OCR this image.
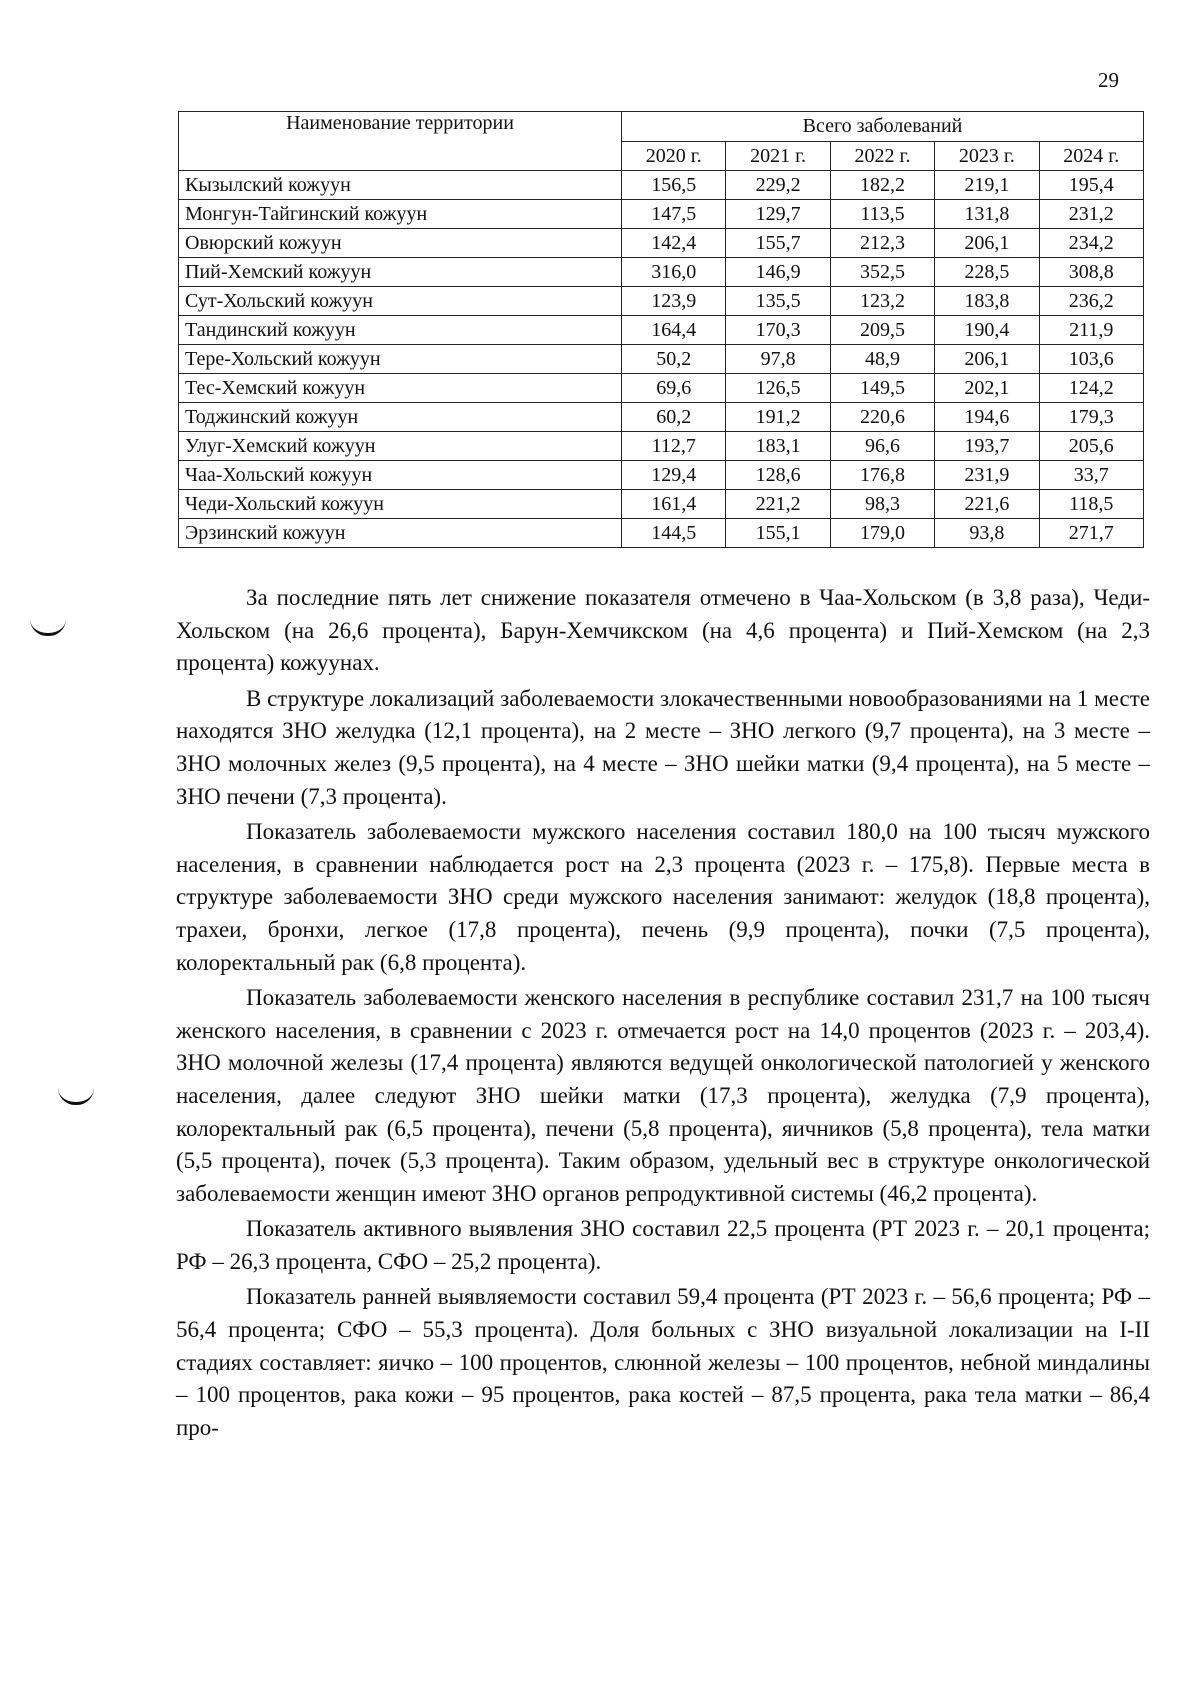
29
Наименование территории	Всего заболеваний				
	2020 г.	2021 г.	2022 г.	2023 г.	2024 г.
Кызылский кожуун	156,5	229,2	182,2	219,1	195,4
Монгун-Тайгинский кожуун	147,5	129,7	113,5	131,8	231,2
Овюрский кожуун	142,4	155,7	212,3	206,1	234,2
Пий-Хемский кожуун	316,0	146,9	352,5	228,5	308,8
Сут-Хольский кожуун	123,9	135,5	123,2	183,8	236,2
Тандинский кожуун	164,4	170,3	209,5	190,4	211,9
Тере-Хольский кожуун	50,2	97,8	48,9	206,1	103,6
Тес-Хемский кожуун	69,6	126,5	149,5	202,1	124,2
Тоджинский кожуун	60,2	191,2	220,6	194,6	179,3
Улуг-Хемский кожуун	112,7	183,1	96,6	193,7	205,6
Чаа-Хольский кожуун	129,4	128,6	176,8	231,9	33,7
Чеди-Хольский кожуун	161,4	221,2	98,3	221,6	118,5
Эрзинский кожуун	144,5	155,1	179,0	93,8	271,7

За последние пять лет снижение показателя отмечено в Чаа-Хольском (в 3,8 раза), Чеди-Хольском (на 26,6 процента), Барун-Хемчикском (на 4,6 процента) и Пий-Хемском (на 2,3 процента) кожуунах.

В структуре локализаций заболеваемости злокачественными новообразованиями на 1 месте находятся ЗНО желудка (12,1 процента), на 2 месте – ЗНО легкого (9,7 процента), на 3 месте – ЗНО молочных желез (9,5 процента), на 4 месте – ЗНО шейки матки (9,4 процента), на 5 месте – ЗНО печени (7,3 процента).

Показатель заболеваемости мужского населения составил 180,0 на 100 тысяч мужского населения, в сравнении наблюдается рост на 2,3 процента (2023 г. – 175,8). Первые места в структуре заболеваемости ЗНО среди мужского населения занимают: желудок (18,8 процента), трахеи, бронхи, легкое (17,8 процента), печень (9,9 процента), почки (7,5 процента), колоректальный рак (6,8 процента).

Показатель заболеваемости женского населения в республике составил 231,7 на 100 тысяч женского населения, в сравнении с 2023 г. отмечается рост на 14,0 процентов (2023 г. – 203,4). ЗНО молочной железы (17,4 процента) являются ведущей онкологической патологией у женского населения, далее следуют ЗНО шейки матки (17,3 процента), желудка (7,9 процента), колоректальный рак (6,5 процента), печени (5,8 процента), яичников (5,8 процента), тела матки (5,5 процента), почек (5,3 процента). Таким образом, удельный вес в структуре онкологической заболеваемости женщин имеют ЗНО органов репродуктивной системы (46,2 процента).

Показатель активного выявления ЗНО составил 22,5 процента (РТ 2023 г. – 20,1 процента; РФ – 26,3 процента, СФО – 25,2 процента).

Показатель ранней выявляемости составил 59,4 процента (РТ 2023 г. – 56,6 процента; РФ – 56,4 процента; СФО – 55,3 процента). Доля больных с ЗНО визуальной локализации на I-II стадиях составляет: яичко – 100 процентов, слюнной железы – 100 процентов, небной миндалины – 100 процентов, рака кожи – 95 процентов, рака костей – 87,5 процента, рака тела матки – 86,4 про-
